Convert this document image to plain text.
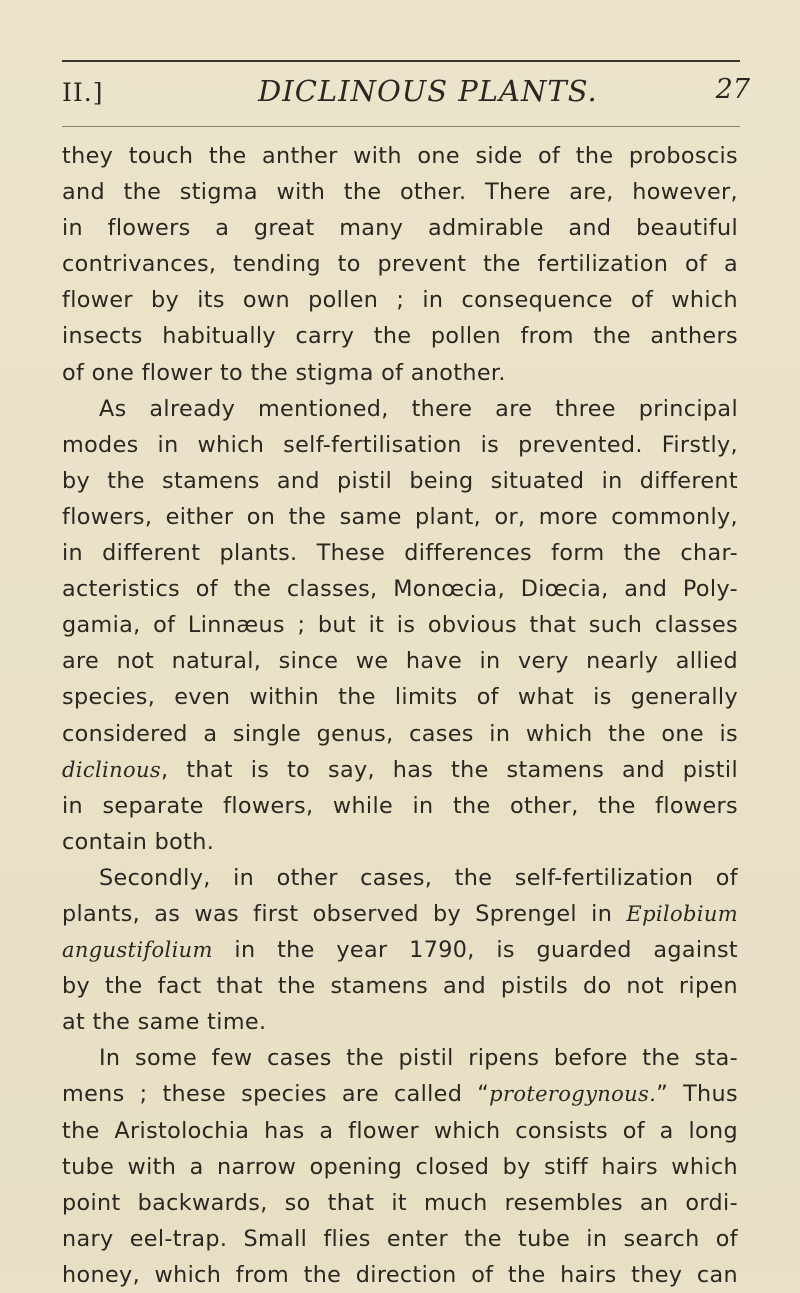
II.]	DICLINOUS PLANTS.	27
they touch the anther with one side of the proboscis
and the stigma with the other. There are, however,
in flowers a great many admirable and beautiful
contrivances, tending to prevent the fertilization of a
flower by its own pollen ; in consequence of which
insects habitually carry the pollen from the anthers
of one flower to the stigma of another.
As already mentioned, there are three principal
modes in which self-fertilisation is prevented. Firstly,
by the stamens and pistil being situated in different
flowers, either on the same plant, or, more commonly,
in different plants. These differences form the char-
acteristics of the classes, Monœcia, Diœcia, and Poly-
gamia, of Linnæus ; but it is obvious that such classes
are not natural, since we have in very nearly allied
species, even within the limits of what is generally
considered a single genus, cases in which the one is
diclinous, that is to say, has the stamens and pistil
in separate flowers, while in the other, the flowers
contain both.
Secondly, in other cases, the self-fertilization of
plants, as was first observed by Sprengel in Epilobium
angustifolium in the year 1790, is guarded against
by the fact that the stamens and pistils do not ripen
at the same time.
In some few cases the pistil ripens before the sta-
mens ; these species are called “proterogynous.” Thus
the Aristolochia has a flower which consists of a long
tube with a narrow opening closed by stiff hairs which
point backwards, so that it much resembles an ordi-
nary eel-trap. Small flies enter the tube in search of
honey, which from the direction of the hairs they can
